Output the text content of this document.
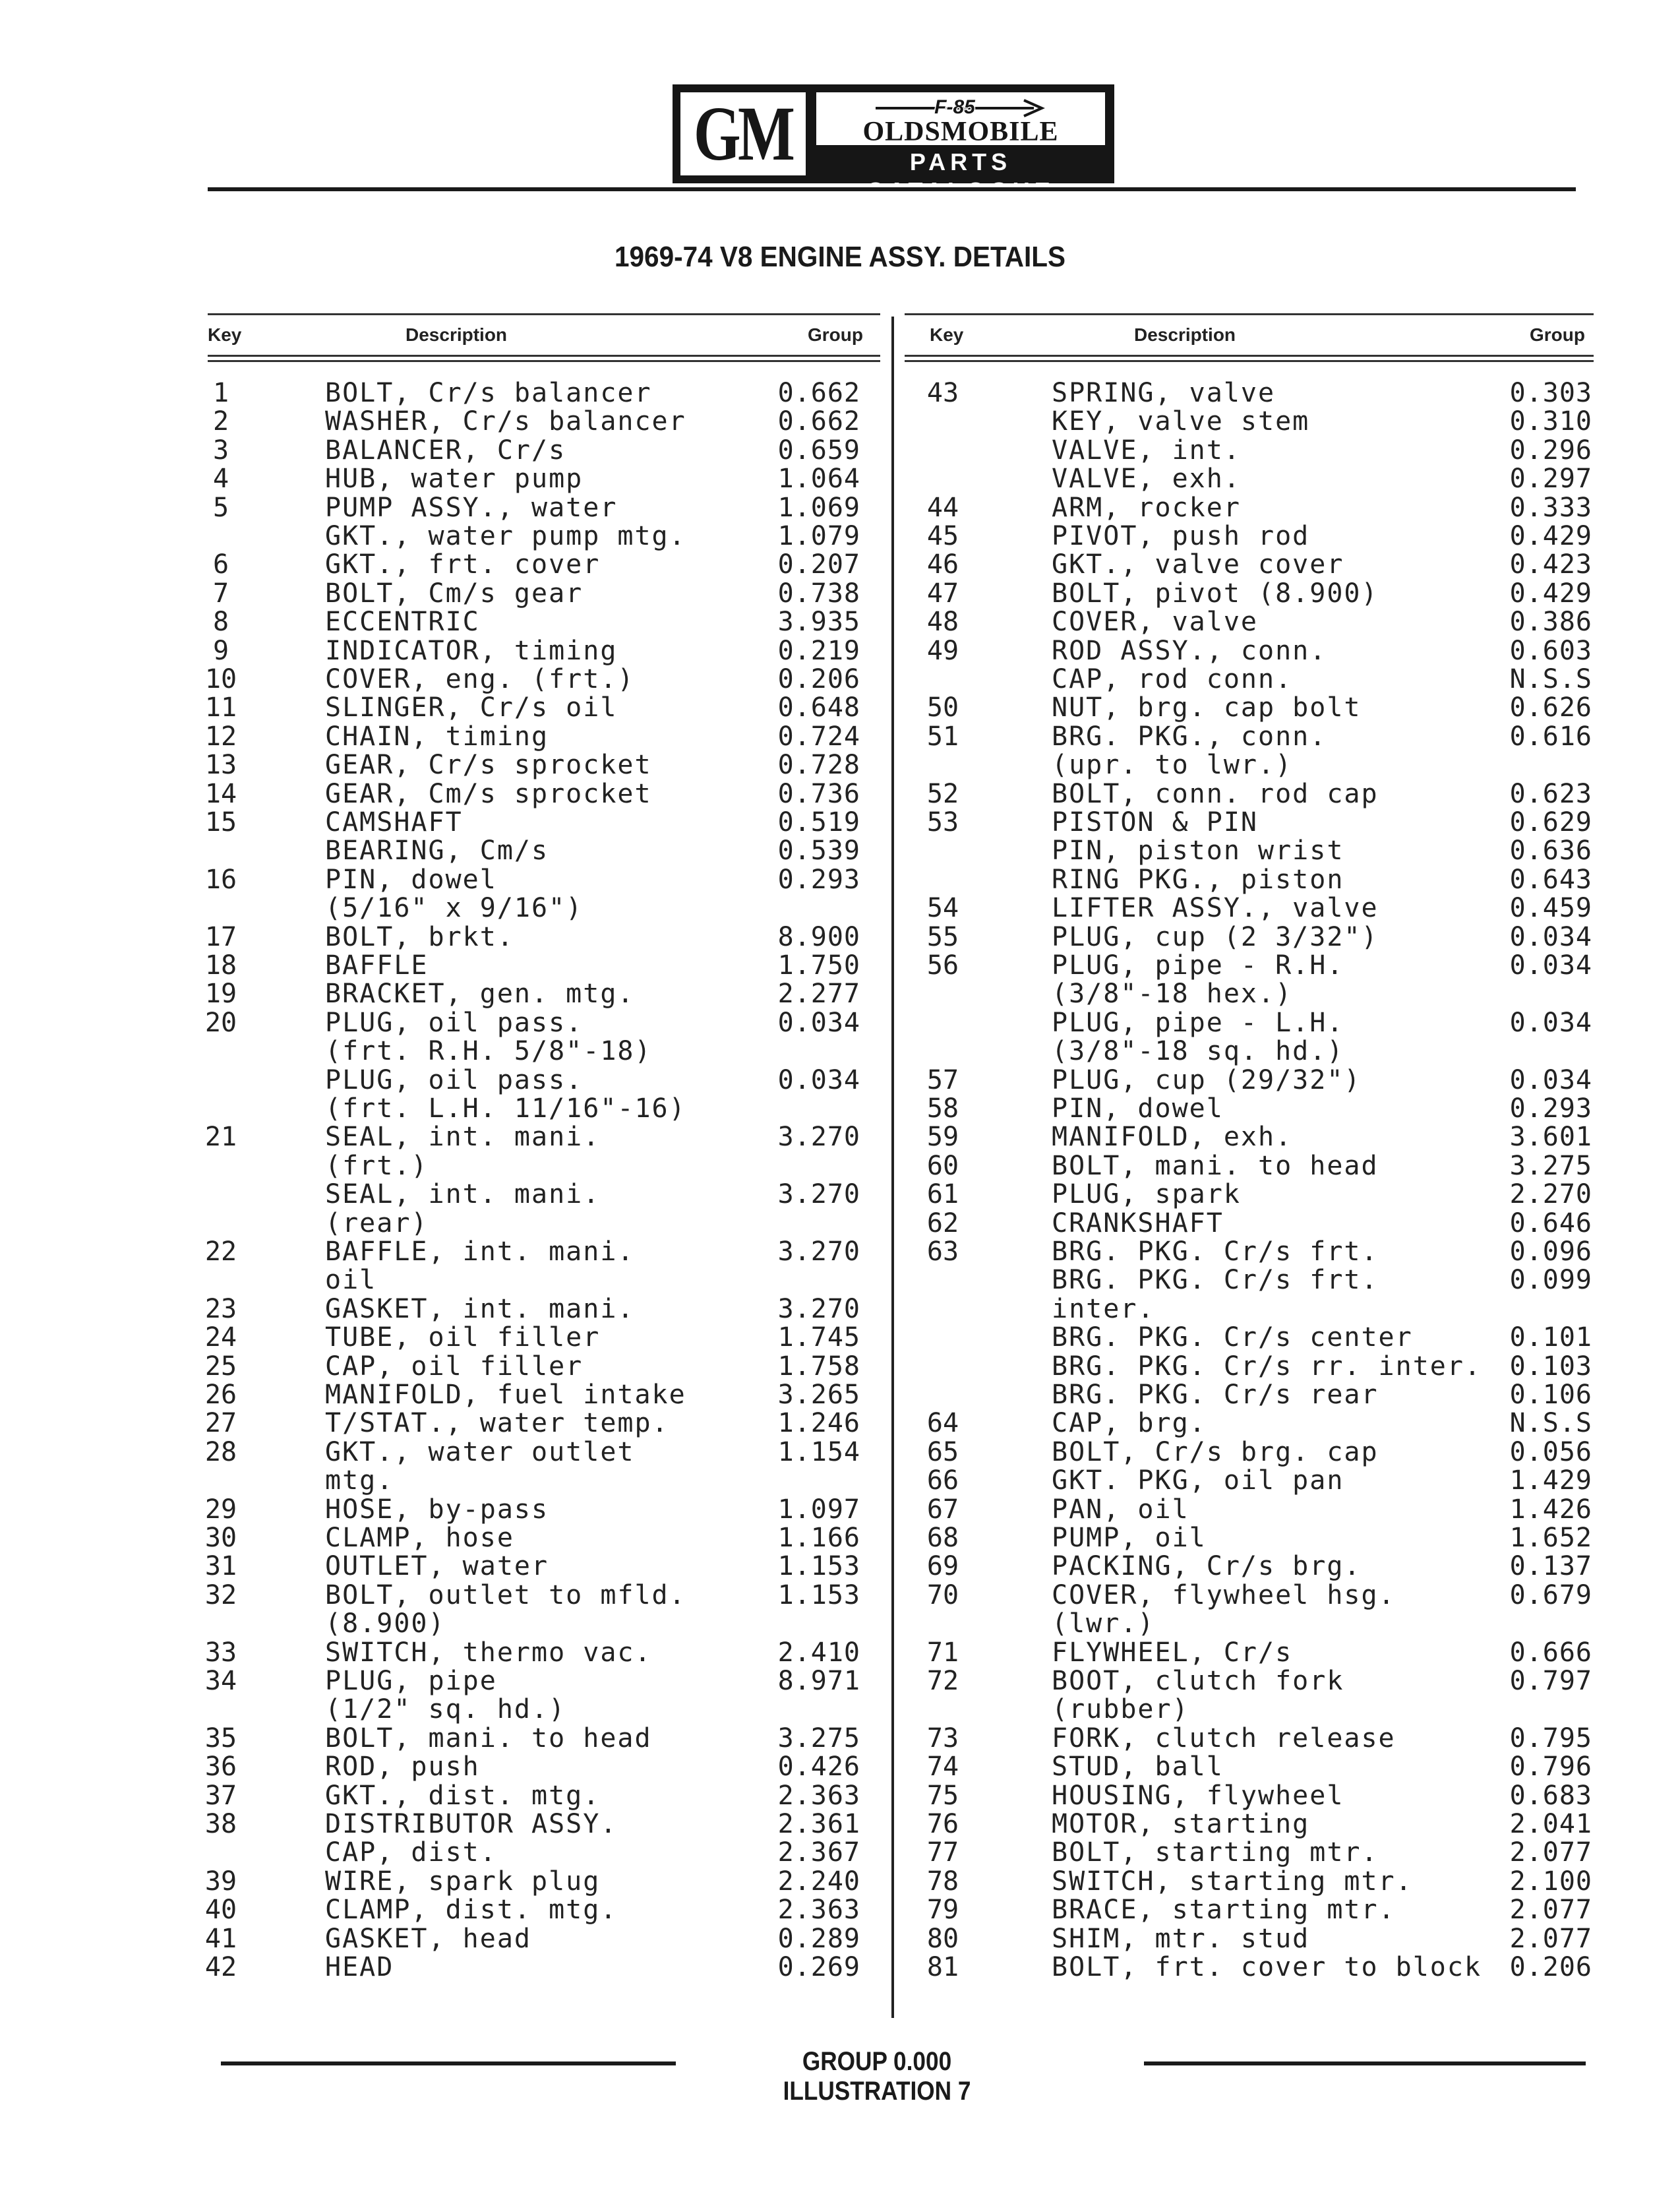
GM	F-85
OLDSMOBILE
PARTS
1969-74 V8 ENGINE ASSY. DETAILS
Key	Description	Group	Key	Description	Group
1	BOLT, Cr/s balancer	0.662
2	WASHER, Cr/s balancer	0.662
3	BALANCER, Cr/s	0.659
4	HUB, water pump	1.064
5	PUMP ASSY., water	1.069
GKT., water pump mtg.	1.079
6	GKT., frt. cover	0.207
7	BOLT, Cm/s gear	0.738
8	ECCENTRIC	3.935
9	INDICATOR, timing	0.219
10	COVER, eng. (frt.)	0.206
11	SLINGER, Cr/s oil	0.648
12	CHAIN, timing	0.724
13	GEAR, Cr/s sprocket	0.728
14	GEAR, Cm/s sprocket	0.736
15	CAMSHAFT	0.519
BEARING, Cm/s	0.539
16	PIN, dowel	0.293
(5/16" x 9/16")
17	BOLT, brkt.	8.900
18	BAFFLE	1.750
19	BRACKET, gen. mtg.	2.277
20	PLUG, oil pass.	0.034
(frt. R.H. 5/8"-18)
PLUG, oil pass.	0.034
(frt. L.H. 11/16"-16)
21	SEAL, int. mani.	3.270
(frt.)
SEAL, int. mani.	3.270
(rear)
22	BAFFLE, int. mani.	3.270
oil
23	GASKET, int. mani.	3.270
24	TUBE, oil filler	1.745
25	CAP, oil filler	1.758
26	MANIFOLD, fuel intake	3.265
27	T/STAT., water temp.	1.246
28	GKT., water outlet	1.154
mtg.
29	HOSE, by-pass	1.097
30	CLAMP, hose	1.166
31	OUTLET, water	1.153
32	BOLT, outlet to mfld.	1.153
(8.900)
33	SWITCH, thermo vac.	2.410
34	PLUG, pipe	8.971
(1/2" sq. hd.)
35	BOLT, mani. to head	3.275
36	ROD, push	0.426
37	GKT., dist. mtg.	2.363
38	DISTRIBUTOR ASSY.	2.361
CAP, dist.	2.367
39	WIRE, spark plug	2.240
40	CLAMP, dist. mtg.	2.363
41	GASKET, head	0.289
42	HEAD	0.269
43	SPRING, valve	0.303
KEY, valve stem	0.310
VALVE, int.	0.296
VALVE, exh.	0.297
44	ARM, rocker	0.333
45	PIVOT, push rod	0.429
46	GKT., valve cover	0.423
47	BOLT, pivot (8.900)	0.429
48	COVER, valve	0.386
49	ROD ASSY., conn.	0.603
CAP, rod conn.	N.S.S
50	NUT, brg. cap bolt	0.626
51	BRG. PKG., conn.	0.616
(upr. to lwr.)
52	BOLT, conn. rod cap	0.623
53	PISTON & PIN	0.629
PIN, piston wrist	0.636
RING PKG., piston	0.643
54	LIFTER ASSY., valve	0.459
55	PLUG, cup (2 3/32")	0.034
56	PLUG, pipe - R.H.	0.034
(3/8"-18 hex.)
PLUG, pipe - L.H.	0.034
(3/8"-18 sq. hd.)
57	PLUG, cup (29/32")	0.034
58	PIN, dowel	0.293
59	MANIFOLD, exh.	3.601
60	BOLT, mani. to head	3.275
61	PLUG, spark	2.270
62	CRANKSHAFT	0.646
63	BRG. PKG. Cr/s frt.	0.096
BRG. PKG. Cr/s frt.	0.099
inter.
BRG. PKG. Cr/s center	0.101
BRG. PKG. Cr/s rr. inter.	0.103
BRG. PKG. Cr/s rear	0.106
64	CAP, brg.	N.S.S
65	BOLT, Cr/s brg. cap	0.056
66	GKT. PKG, oil pan	1.429
67	PAN, oil	1.426
68	PUMP, oil	1.652
69	PACKING, Cr/s brg.	0.137
70	COVER, flywheel hsg.	0.679
(lwr.)
71	FLYWHEEL, Cr/s	0.666
72	BOOT, clutch fork	0.797
(rubber)
73	FORK, clutch release	0.795
74	STUD, ball	0.796
75	HOUSING, flywheel	0.683
76	MOTOR, starting	2.041
77	BOLT, starting mtr.	2.077
78	SWITCH, starting mtr.	2.100
79	BRACE, starting mtr.	2.077
80	SHIM, mtr. stud	2.077
81	BOLT, frt. cover to block	0.206
GROUP 0.000 ILLUSTRATION 7
